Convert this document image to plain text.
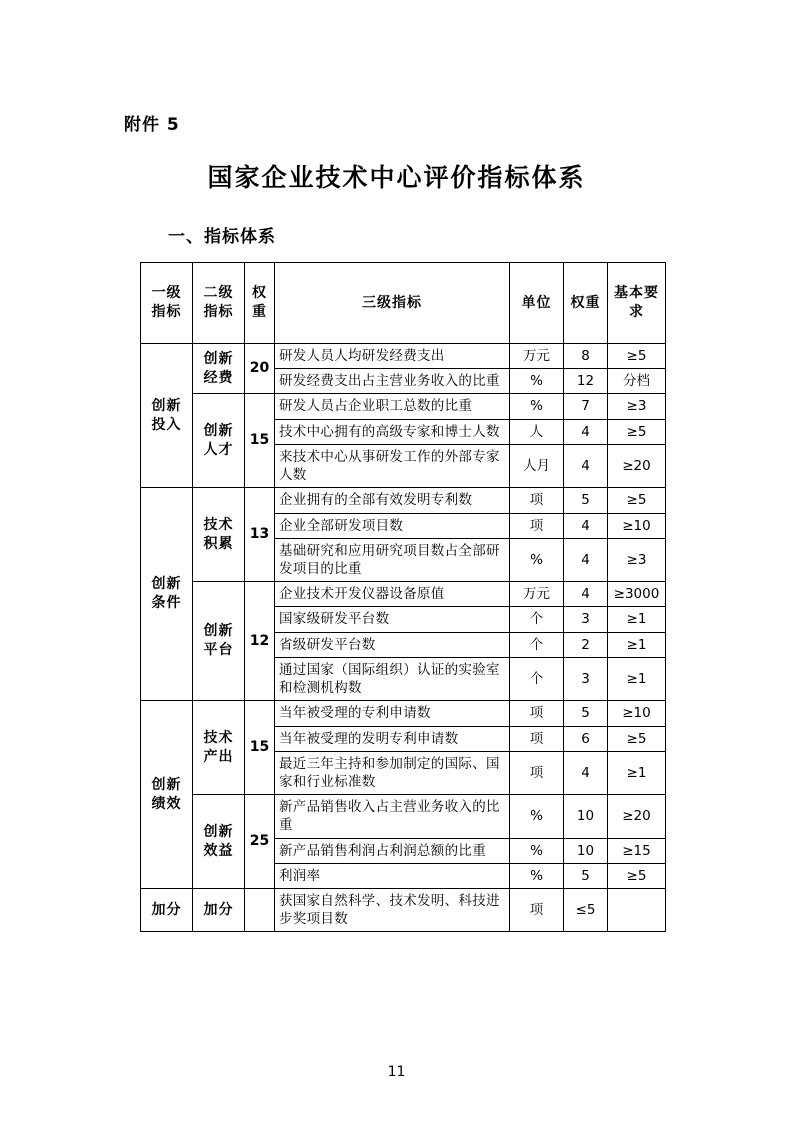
附件 5
国家企业技术中心评价指标体系
一、指标体系
一级指标	二级指标	权重	三级指标	单位	权重	基本要求
创新投入	创新经费	20	研发人员人均研发经费支出	万元	8	≥5
			研发经费支出占主营业务收入的比重	%	12	分档
	创新人才	15	研发人员占企业职工总数的比重	%	7	≥3
			技术中心拥有的高级专家和博士人数	人	4	≥5
			来技术中心从事研发工作的外部专家人数	人月	4	≥20
创新条件	技术积累	13	企业拥有的全部有效发明专利数	项	5	≥5
			企业全部研发项目数	项	4	≥10
			基础研究和应用研究项目数占全部研发项目的比重	%	4	≥3
	创新平台	12	企业技术开发仪器设备原值	万元	4	≥3000
			国家级研发平台数	个	3	≥1
			省级研发平台数	个	2	≥1
			通过国家（国际组织）认证的实验室和检测机构数	个	3	≥1
创新绩效	技术产出	15	当年被受理的专利申请数	项	5	≥10
			当年被受理的发明专利申请数	项	6	≥5
			最近三年主持和参加制定的国际、国家和行业标准数	项	4	≥1
	创新效益	25	新产品销售收入占主营业务收入的比重	%	10	≥20
			新产品销售利润占利润总额的比重	%	10	≥15
			利润率	%	5	≥5
加分	加分		获国家自然科学、技术发明、科技进步奖项目数	项	≤5	
11
